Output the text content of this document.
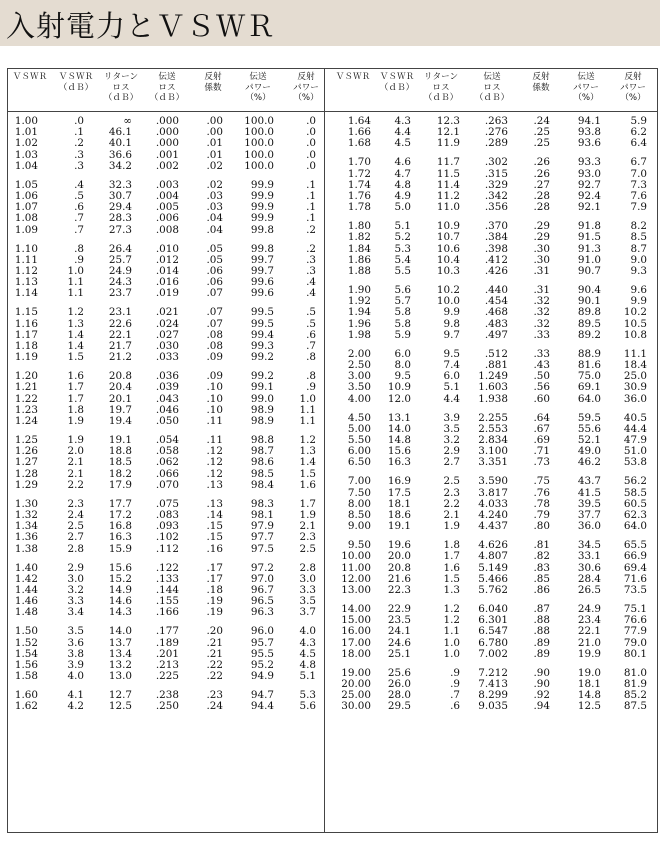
入射電力とＶＳＷＲ
ＶＳＷＲ ＶＳＷＲ
（ｄＢ）
リターン
ロス
（ｄＢ）
伝送
ロス
（ｄＢ）
反射
係数
伝送
パワー
（%）
反射
パワー
（%）
1.00	.0	∞ .000	.00 100.0	.0
1.01	.1 46.1 .000	.00 100.0	.0
1.02	.2 40.1 .000	.01 100.0	.0
1.03	.3 36.6 .001	.01 100.0	.0
1.04	.3 34.2 .002	.02 100.0	.0
1.05	.4 32.3 .003	.02	99.9	.1
1.06	.5 30.7 .004	.03	99.9	.1
1.07	.6 29.4 .005	.03	99.9	.1
1.08	.7 28.3 .006	.04	99.9	.1
1.09	.7 27.3 .008	.04	99.8	.2
1.10	.8 26.4 .010	.05	99.8	.2
1.11	.9 25.7 .012	.05	99.7	.3
1.12	1.0 24.9 .014	.06	99.7	.3
1.13	1.1 24.3 .016	.06	99.6	.4
1.14	1.1 23.7 .019	.07	99.6	.4
1.15	1.2 23.1 .021	.07	99.5	.5
1.16	1.3 22.6 .024	.07	99.5	.5
1.17	1.4 22.1 .027	.08	99.4	.6
1.18	1.4 21.7 .030	.08	99.3	.7
1.19	1.5 21.2 .033	.09	99.2	.8
1.20	1.6 20.8 .036	.09	99.2	.8
1.21	1.7 20.4 .039	.10	99.1	.9
1.22	1.7 20.1 .043	.10	99.0 1.0
1.23	1.8 19.7 .046	.10	98.9 1.1
1.24	1.9 19.4 .050	.11	98.9 1.1
1.25	1.9 19.1 .054	.11	98.8 1.2
1.26	2.0 18.8 .058	.12	98.7 1.3
1.27	2.1 18.5 .062	.12	98.6 1.4
1.28	2.1 18.2 .066	.12	98.5 1.5
1.29	2.2 17.9 .070	.13	98.4 1.6
1.30	2.3 17.7 .075	.13	98.3 1.7
1.32	2.4 17.2 .083	.14	98.1 1.9
1.34	2.5 16.8 .093	.15	97.9 2.1
1.36	2.7 16.3 .102	.15	97.7 2.3
1.38	2.8 15.9 .112	.16	97.5 2.5
1.40	2.9 15.6 .122	.17	97.2 2.8
1.42	3.0 15.2 .133	.17	97.0 3.0
1.44	3.2 14.9 .144	.18	96.7 3.3
1.46	3.3 14.6 .155	.19	96.5 3.5
1.48	3.4 14.3 .166	.19	96.3 3.7
1.50	3.5 14.0 .177	.20	96.0 4.0
1.52	3.6 13.7 .189	.21	95.7 4.3
1.54	3.8 13.4 .201	.21	95.5 4.5
1.56	3.9 13.2 .213	.22	95.2 4.8
1.58	4.0 13.0 .225	.22	94.9 5.1
1.60	4.1 12.7 .238	.23	94.7 5.3
1.62	4.2 12.5 .250	.24	94.4 5.6
ＶＳＷＲ ＶＳＷＲ
（ｄＢ）
リターン
ロス
（ｄＢ）
伝送
ロス
（ｄＢ）
反射
係数
伝送
パワー
（%）
反射
パワー
（%）
1.64 4.3 12.3 .263 .24	94.1	5.9
1.66 4.4 12.1 .276 .25	93.8	6.2
1.68 4.5 11.9 .289 .25	93.6	6.4
1.70 4.6 11.7 .302 .26	93.3	6.7
1.72 4.7 11.5 .315 .26	93.0	7.0
1.74 4.8 11.4 .329 .27	92.7	7.3
1.76 4.9 11.2 .342 .28	92.4	7.6
1.78 5.0 11.0 .356 .28	92.1	7.9
1.80 5.1 10.9 .370 .29	91.8	8.2
1.82 5.2 10.7 .384 .29	91.5	8.5
1.84 5.3 10.6 .398 .30	91.3	8.7
1.86 5.4 10.4 .412 .30	91.0	9.0
1.88 5.5 10.3 .426 .31	90.7	9.3
1.90 5.6 10.2 .440 .31	90.4	9.6
1.92 5.7 10.0 .454 .32	90.1	9.9
1.94 5.8	9.9 .468 .32	89.8 10.2
1.96 5.8	9.8 .483 .32	89.5 10.5
1.98 5.9	9.7 .497 .33	89.2 10.8
2.00 6.0	9.5 .512 .33	88.9 11.1
2.50 8.0	7.4 .881 .43	81.6 18.4
3.00 9.5	6.0 1.249 .50	75.0 25.0
3.50 10.9	5.1 1.603 .56	69.1 30.9
4.00 12.0	4.4 1.938 .60	64.0 36.0
4.50 13.1	3.9 2.255 .64	59.5 40.5
5.00 14.0	3.5 2.553 .67	55.6 44.4
5.50 14.8	3.2 2.834 .69	52.1 47.9
6.00 15.6	2.9 3.100 .71	49.0 51.0
6.50 16.3	2.7 3.351 .73	46.2 53.8
7.00 16.9	2.5 3.590 .75	43.7 56.2
7.50 17.5	2.3 3.817 .76	41.5 58.5
8.00 18.1	2.2 4.033 .78	39.5 60.5
8.50 18.6	2.1 4.240 .79	37.7 62.3
9.00 19.1	1.9 4.437 .80	36.0 64.0
9.50 19.6	1.8 4.626 .81	34.5 65.5
10.00 20.0	1.7 4.807 .82	33.1 66.9
11.00 20.8	1.6 5.149 .83	30.6 69.4
12.00 21.6	1.5 5.466 .85	28.4 71.6
13.00 22.3	1.3 5.762 .86	26.5 73.5
14.00 22.9	1.2 6.040 .87	24.9 75.1
15.00 23.5	1.2 6.301 .88	23.4 76.6
16.00 24.1	1.1 6.547 .88	22.1 77.9
17.00 24.6	1.0 6.780 .89	21.0 79.0
18.00 25.1	1.0 7.002 .89	19.9 80.1
19.00 25.6	.9 7.212 .90	19.0 81.0
20.00 26.0	.9 7.413 .90	18.1 81.9
25.00 28.0	.7 8.299 .92	14.8 85.2
30.00 29.5	.6 9.035 .94	12.5 87.5
